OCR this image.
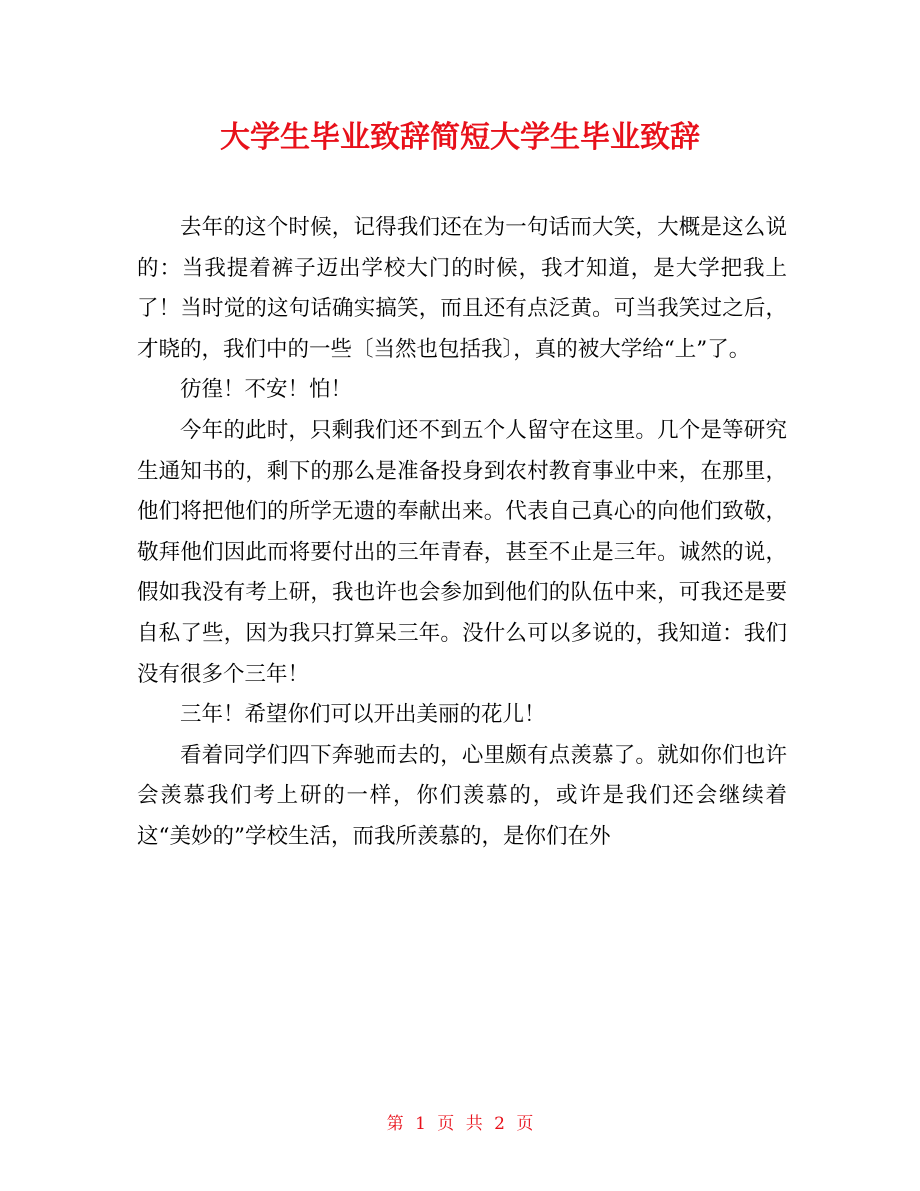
大学生毕业致辞简短大学生毕业致辞

去年的这个时候，记得我们还在为一句话而大笑，大概是这么说的：当我提着裤子迈出学校大门的时候，我才知道，是大学把我上了！当时觉的这句话确实搞笑，而且还有点泛黄。可当我笑过之后，才晓的，我们中的一些〔当然也包括我〕，真的被大学给“上”了。

彷徨！不安！怕！

今年的此时，只剩我们还不到五个人留守在这里。几个是等研究生通知书的，剩下的那么是准备投身到农村教育事业中来，在那里，他们将把他们的所学无遗的奉献出来。代表自己真心的向他们致敬，敬拜他们因此而将要付出的三年青春，甚至不止是三年。诚然的说，假如我没有考上研，我也许也会参加到他们的队伍中来，可我还是要自私了些，因为我只打算呆三年。没什么可以多说的，我知道：我们没有很多个三年！

三年！希望你们可以开出美丽的花儿！

看着同学们四下奔驰而去的，心里颇有点羡慕了。就如你们也许会羡慕我们考上研的一样，你们羡慕的，或许是我们还会继续着这“美妙的”学校生活，而我所羡慕的，是你们在外

第 1 页 共 2 页
